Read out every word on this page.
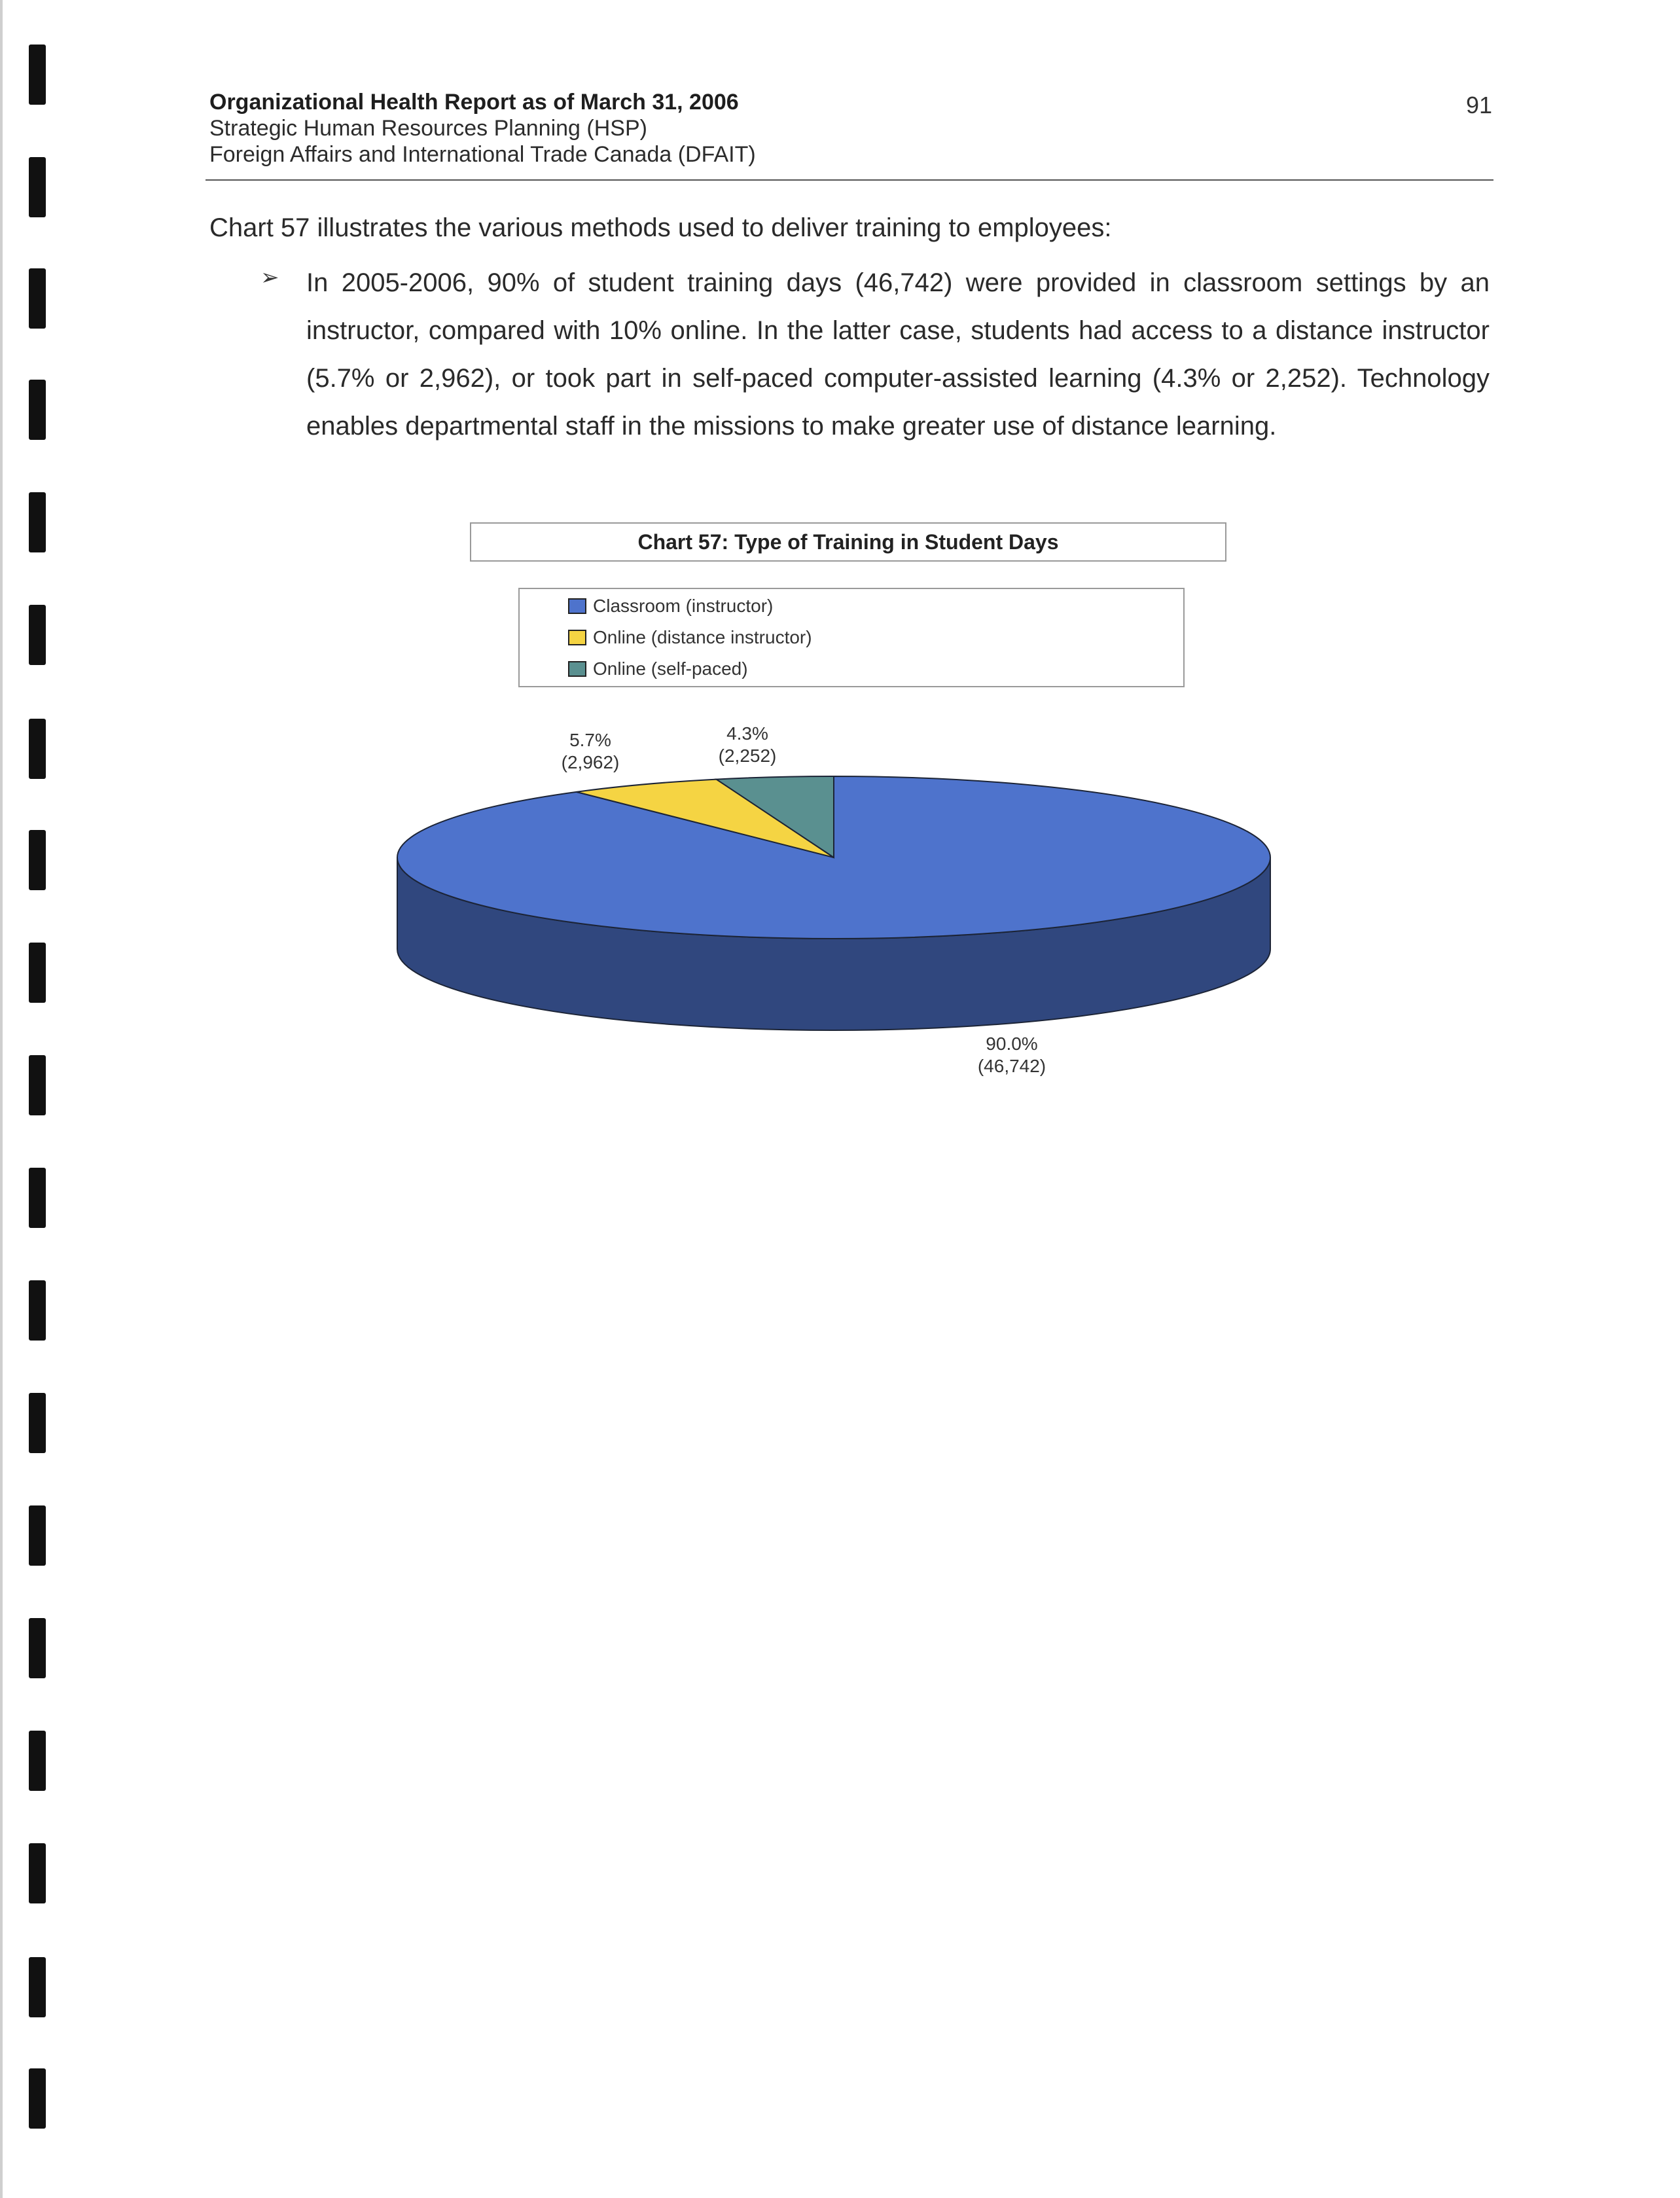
Organizational Health Report as of March 31, 2006
Strategic Human Resources Planning (HSP)
Foreign Affairs and International Trade Canada (DFAIT)
91
Chart 57 illustrates the various methods used to deliver training to employees:
➢ In 2005-2006, 90% of student training days (46,742) were provided in classroom settings by an instructor, compared with 10% online. In the latter case, students had access to a distance instructor (5.7% or 2,962), or took part in self-paced computer-assisted learning (4.3% or 2,252). Technology enables departmental staff in the missions to make greater use of distance learning.
Chart 57: Type of Training in Student Days
Classroom (instructor)
Online (distance instructor)
Online (self-paced)
5.7%
(2,962)
4.3%
(2,252)
90.0%
(46,742)
